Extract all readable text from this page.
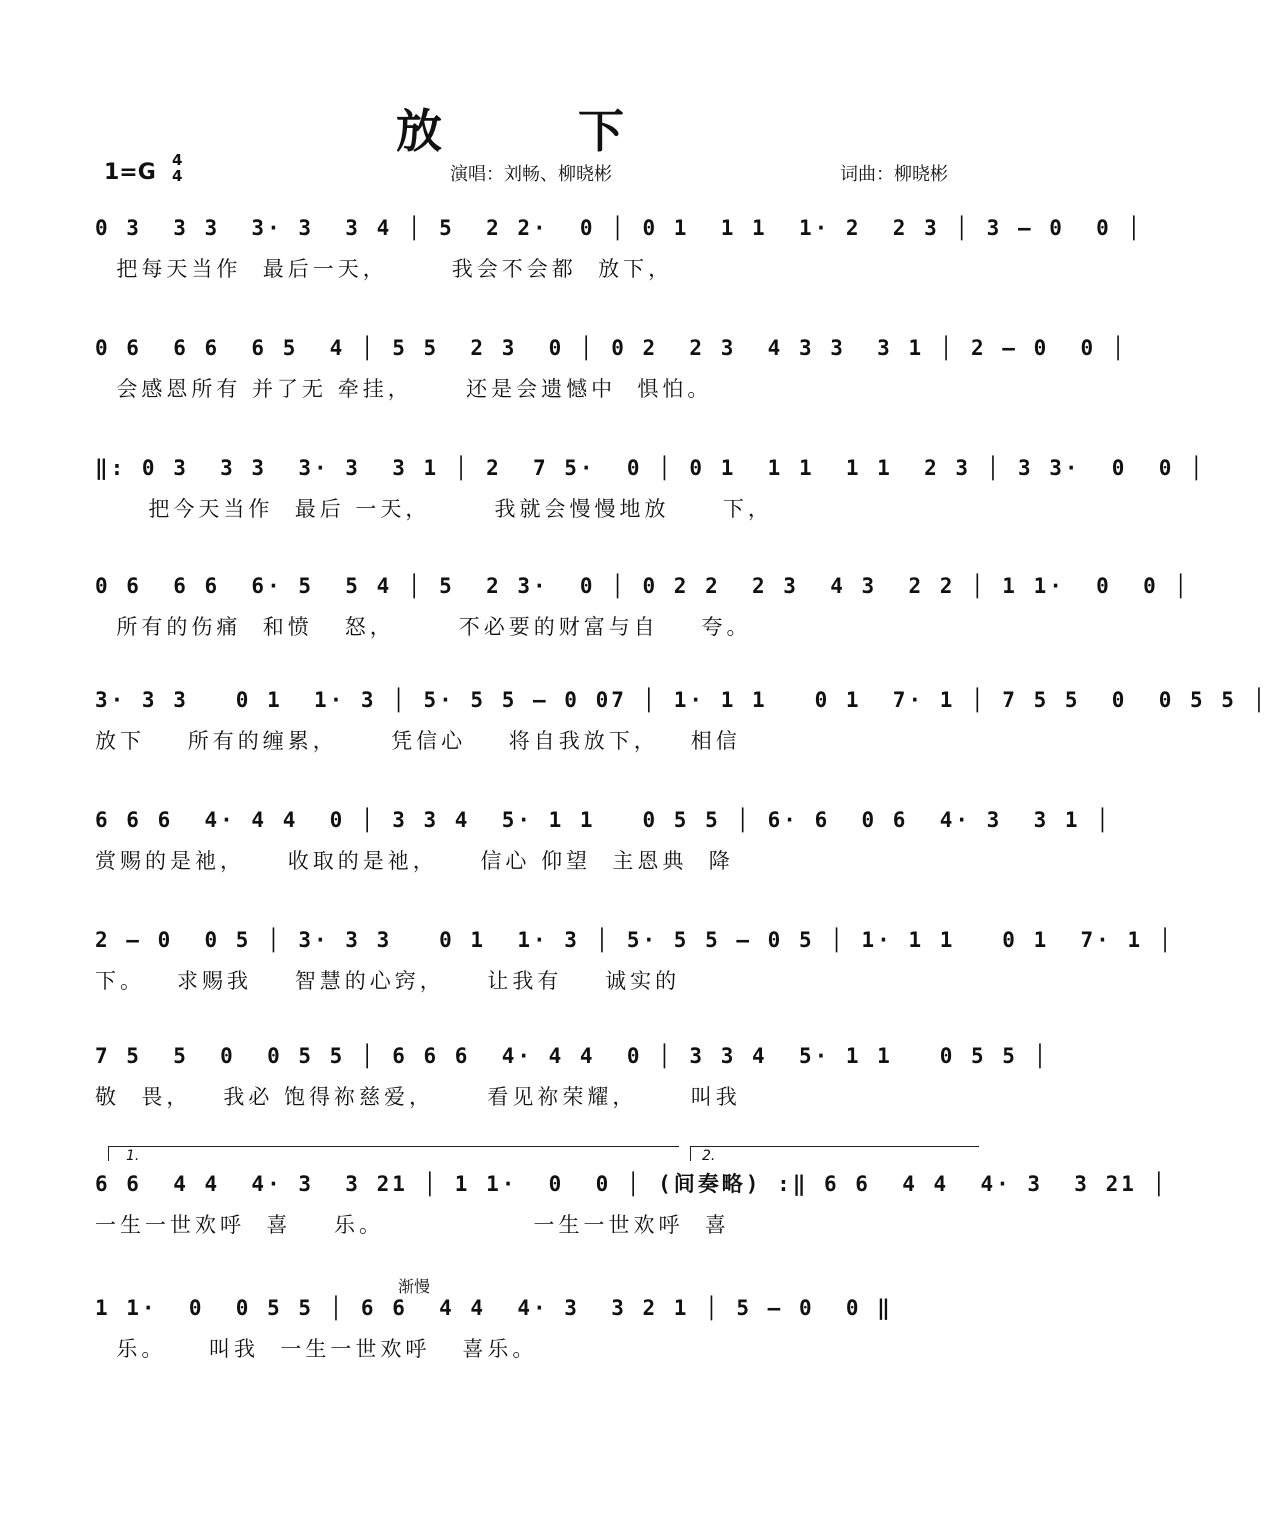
放 下
1=G 4
4	演唱：刘畅、柳晓彬	词曲：柳晓彬
0 3  3 3  3· 3  3 4 │ 5  2 2·  0 │ 0 1  1 1  1· 2  2 3 │ 3 – 0  0 │
把每天当作  最后一天，      我会不会都  放下，
0 6  6 6  6 5  4 │ 5 5  2 3  0 │ 0 2  2 3  4 3 3  3 1 │ 2 – 0  0 │
会感恩所有 并了无 牵挂，     还是会遗憾中  惧怕。
‖: 0 3  3 3  3· 3  3 1 │ 2  7 5·  0 │ 0 1  1 1  1 1  2 3 │ 3 3·  0  0 │
把今天当作  最后 一天，      我就会慢慢地放     下，
0 6  6 6  6· 5  5 4 │ 5  2 3·  0 │ 0 2 2  2 3  4 3  2 2 │ 1 1·  0  0 │
所有的伤痛  和愤   怒，      不必要的财富与自    夸。
3· 3 3   0 1  1· 3 │ 5· 5 5 – 0 07 │ 1· 1 1   0 1  7· 1 │ 7 5 5  0  0 5 5 │
放下    所有的缠累，     凭信心    将自我放下，   相信
6 6 6  4· 4 4  0 │ 3 3 4  5· 1 1   0 5 5 │ 6· 6  0 6  4· 3  3 1 │
赏赐的是祂，    收取的是祂，    信心 仰望  主恩典  降
2 – 0  0 5 │ 3· 3 3   0 1  1· 3 │ 5· 5 5 – 0 5 │ 1· 1 1   0 1  7· 1 │
下。   求赐我    智慧的心窍，    让我有    诚实的
7 5  5  0  0 5 5 │ 6 6 6  4· 4 4  0 │ 3 3 4  5· 1 1   0 5 5 │
敬  畏，   我必 饱得祢慈爱，     看见祢荣耀，     叫我
1.	2.
6 6  4 4  4· 3  3 21 │ 1 1·  0  0 │ (间奏略) :‖ 6 6  4 4  4· 3  3 21 │
一生一世欢呼  喜    乐。              一生一世欢呼  喜
渐慢
1 1·  0  0 5 5 │ 6 6  4 4  4· 3  3 2 1 │ 5 – 0  0 ‖
乐。    叫我  一生一世欢呼   喜乐。
